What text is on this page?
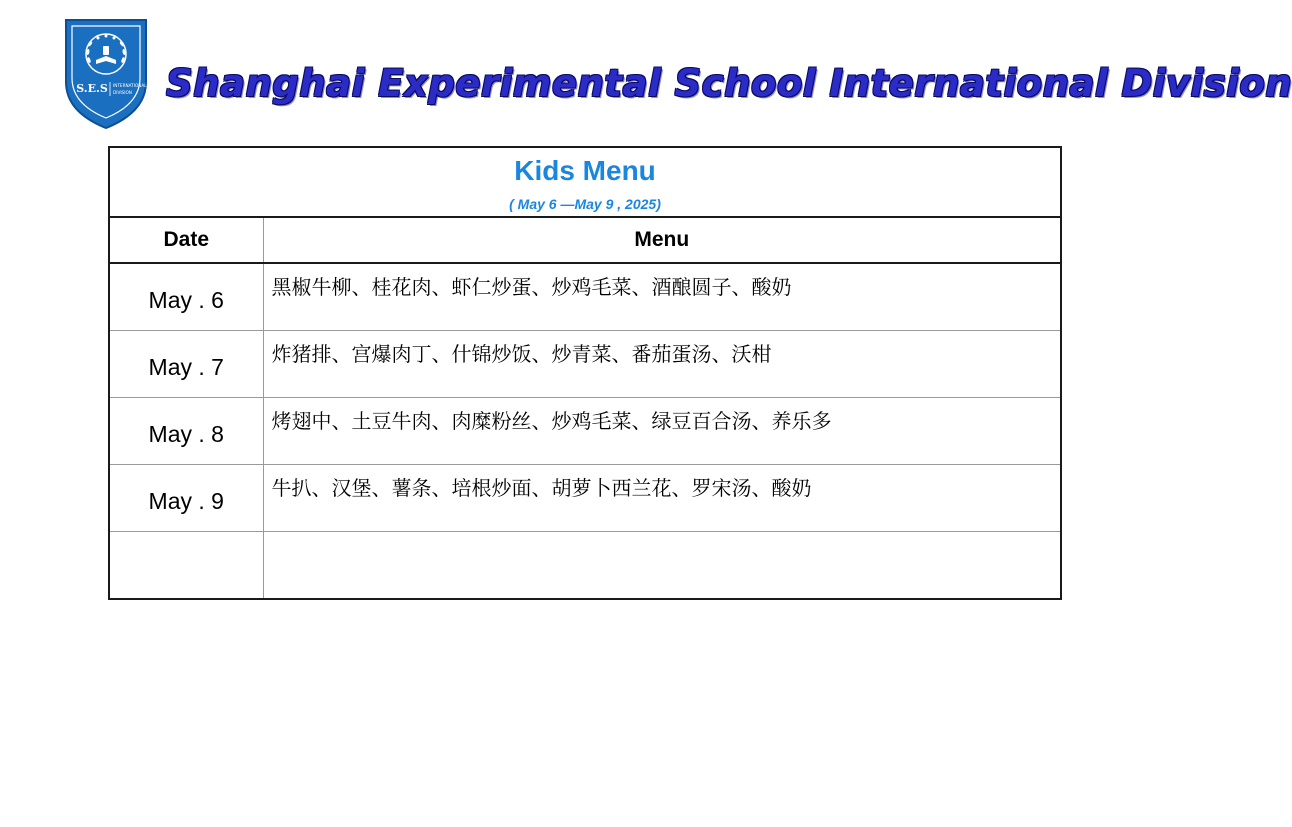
S.E.S INTERNATIONAL
DIVISION Shanghai Experimental School International Division
Kids Menu
( May 6 —May 9 , 2025)	

Date	Menu
May . 6	黑椒牛柳、桂花肉、虾仁炒蛋、炒鸡毛菜、酒酿圆子、酸奶
May . 7	炸猪排、宫爆肉丁、什锦炒饭、炒青菜、番茄蛋汤、沃柑
May . 8	烤翅中、土豆牛肉、肉糜粉丝、炒鸡毛菜、绿豆百合汤、养乐多
May . 9	牛扒、汉堡、薯条、培根炒面、胡萝卜西兰花、罗宋汤、酸奶
